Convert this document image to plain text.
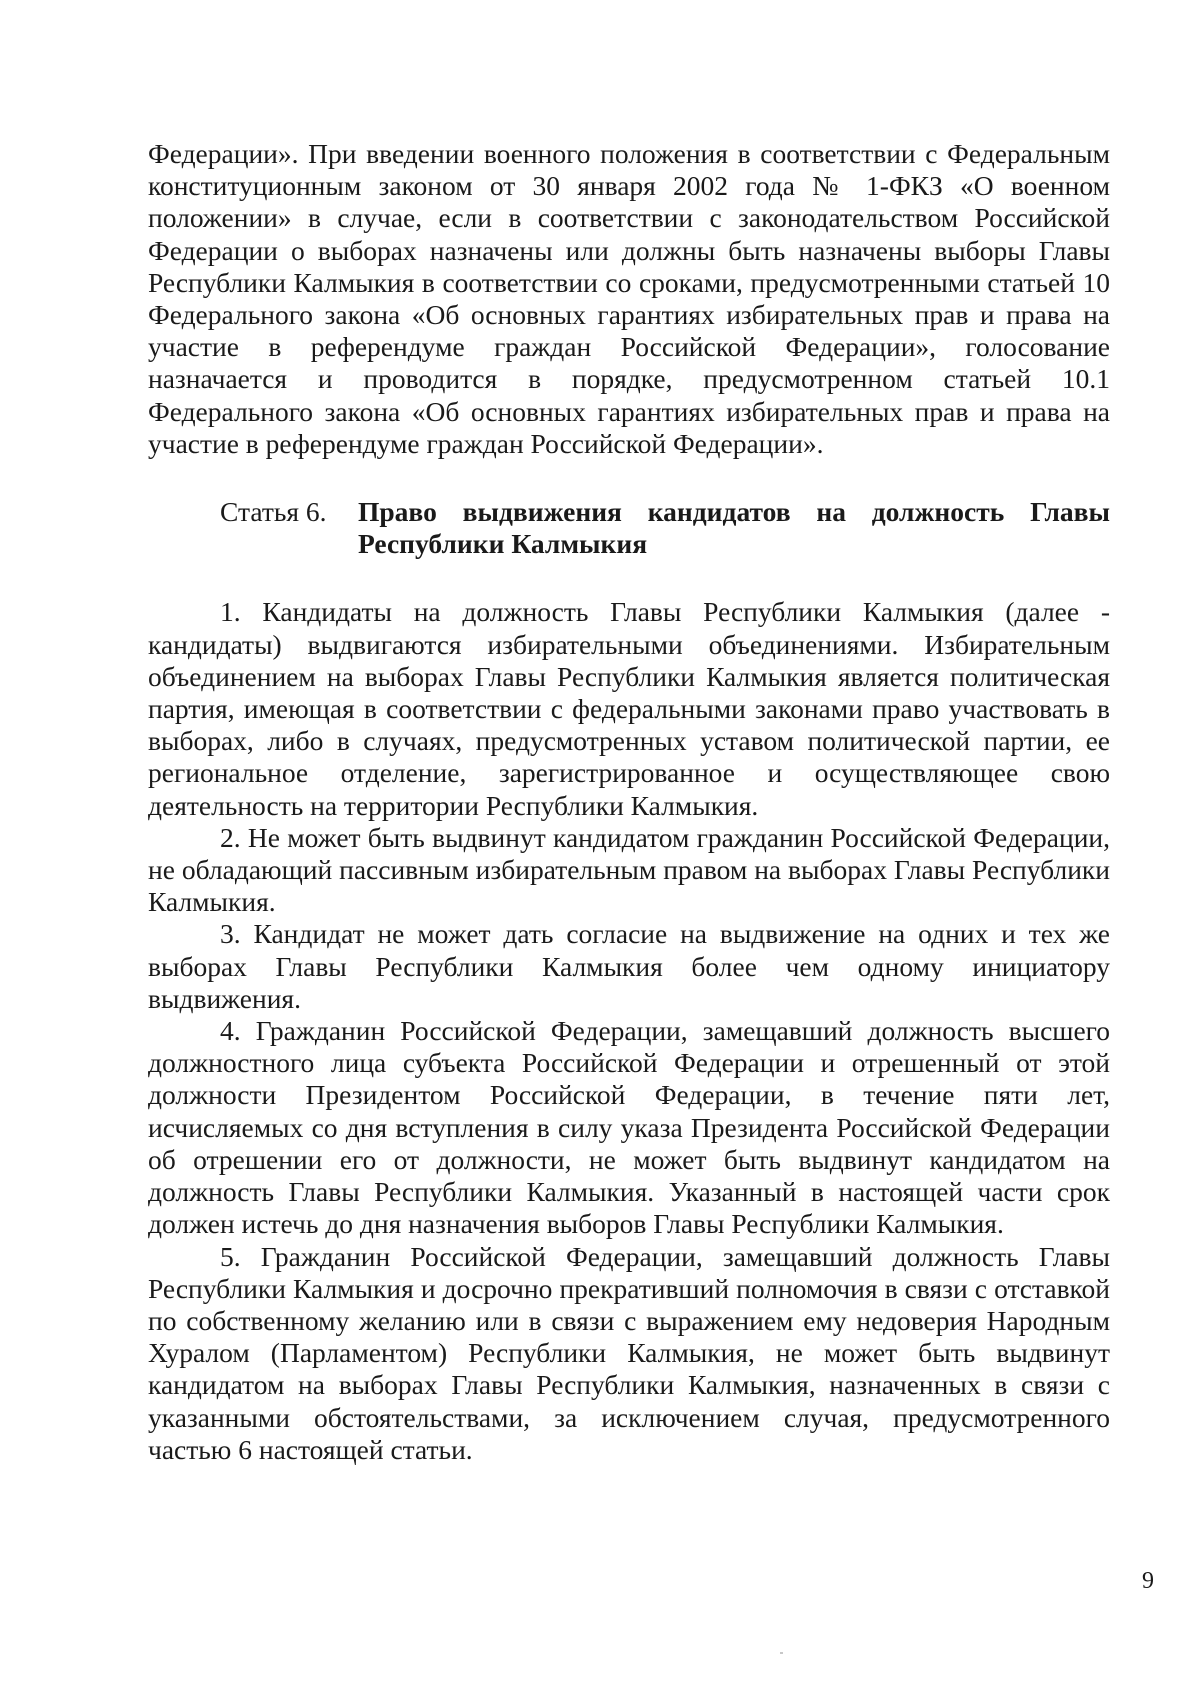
Федерации». При введении военного положения в соответствии с Федеральным конституционным законом от 30 января 2002 года № 1-ФКЗ «О военном положении» в случае, если в соответствии с законодательством Российской Федерации о выборах назначены или должны быть назначены выборы Главы Республики Калмыкия в соответствии со сроками, предусмотренными статьей 10 Федерального закона «Об основных гарантиях избирательных прав и права на участие в референдуме граждан Российской Федерации», голосование назначается и проводится в порядке, предусмотренном статьей 10.1 Федерального закона «Об основных гарантиях избирательных прав и права на участие в референдуме граждан Российской Федерации».

Статья 6. Право выдвижения кандидатов на должность Главы Республики Калмыкия

1. Кандидаты на должность Главы Республики Калмыкия (далее - кандидаты) выдвигаются избирательными объединениями. Избирательным объединением на выборах Главы Республики Калмыкия является политическая партия, имеющая в соответствии с федеральными законами право участвовать в выборах, либо в случаях, предусмотренных уставом политической партии, ее региональное отделение, зарегистрированное и осуществляющее свою деятельность на территории Республики Калмыкия.

2. Не может быть выдвинут кандидатом гражданин Российской Федерации, не обладающий пассивным избирательным правом на выборах Главы Республики Калмыкия.

3. Кандидат не может дать согласие на выдвижение на одних и тех же выборах Главы Республики Калмыкия более чем одному инициатору выдвижения.

4. Гражданин Российской Федерации, замещавший должность высшего должностного лица субъекта Российской Федерации и отрешенный от этой должности Президентом Российской Федерации, в течение пяти лет, исчисляемых со дня вступления в силу указа Президента Российской Федерации об отрешении его от должности, не может быть выдвинут кандидатом на должность Главы Республики Калмыкия. Указанный в настоящей части срок должен истечь до дня назначения выборов Главы Республики Калмыкия.

5. Гражданин Российской Федерации, замещавший должность Главы Республики Калмыкия и досрочно прекративший полномочия в связи с отставкой по собственному желанию или в связи с выражением ему недоверия Народным Хуралом (Парламентом) Республики Калмыкия, не может быть выдвинут кандидатом на выборах Главы Республики Калмыкия, назначенных в связи с указанными обстоятельствами, за исключением случая, предусмотренного частью 6 настоящей статьи.

9
